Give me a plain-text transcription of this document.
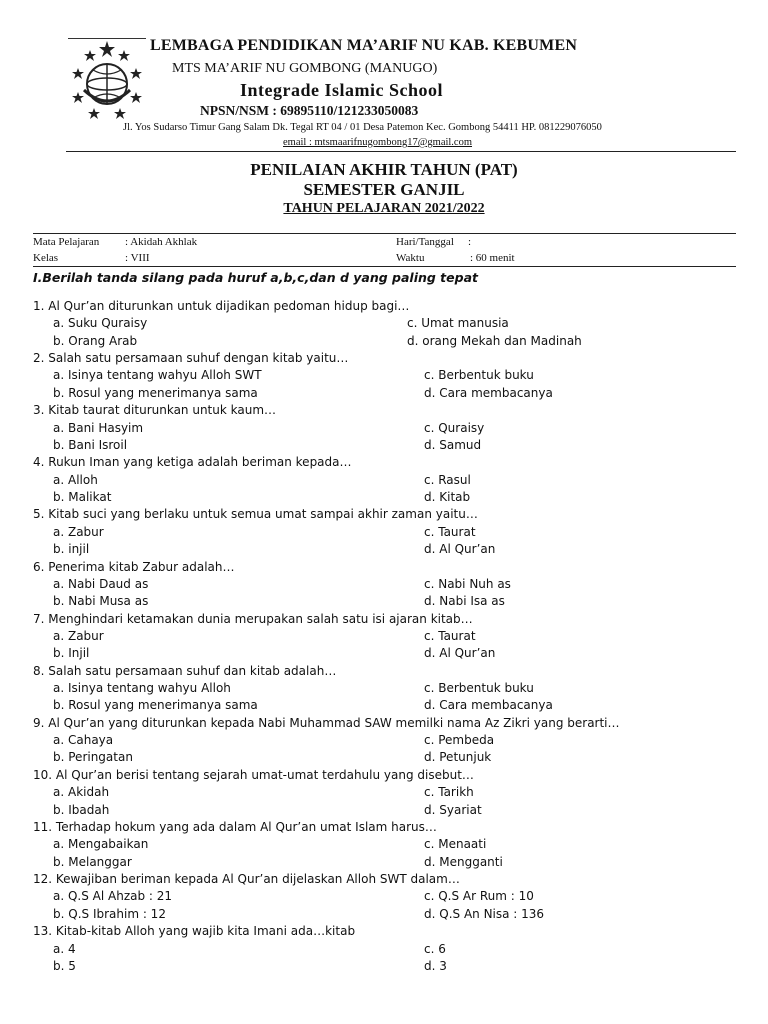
LEMBAGA PENDIDIKAN MA’ARIF NU KAB. KEBUMEN
MTS MA’ARIF NU GOMBONG (MANUGO)
Integrade Islamic School
NPSN/NSM : 69895110/121233050083
Jl. Yos Sudarso Timur Gang Salam Dk. Tegal RT 04 / 01 Desa Patemon Kec. Gombong 54411 HP. 081229076050
email : mtsmaarifnugombong17@gmail.com
PENILAIAN AKHIR TAHUN (PAT)
SEMESTER GANJIL
TAHUN PELAJARAN 2021/2022
Mata Pelajaran : Akidah Akhlak	Hari/Tanggal :
Kelas	: VIII	Waktu	: 60 menit
I.Berilah tanda silang pada huruf a,b,c,dan d yang paling tepat
1. Al Qur’an diturunkan untuk dijadikan pedoman hidup bagi…
a. Suku Quraisy	c. Umat manusia
b. Orang Arab	d. orang Mekah dan Madinah
2. Salah satu persamaan suhuf dengan kitab yaitu…
a. Isinya tentang wahyu Alloh SWT	c. Berbentuk buku
b. Rosul yang menerimanya sama	d. Cara membacanya
3. Kitab taurat diturunkan untuk kaum…
a. Bani Hasyim	c. Quraisy
b. Bani Isroil	d. Samud
4. Rukun Iman yang ketiga adalah beriman kepada…
a. Alloh	c. Rasul
b. Malikat	d. Kitab
5. Kitab suci yang berlaku untuk semua umat sampai akhir zaman yaitu…
a. Zabur	c. Taurat
b. injil	d. Al Qur’an
6. Penerima kitab Zabur adalah…
a. Nabi Daud as	c. Nabi Nuh as
b. Nabi Musa as	d. Nabi Isa as
7. Menghindari ketamakan dunia merupakan salah satu isi ajaran kitab…
a. Zabur	c. Taurat
b. Injil	d. Al Qur’an
8. Salah satu persamaan suhuf dan kitab adalah…
a. Isinya tentang wahyu Alloh	c. Berbentuk buku
b. Rosul yang menerimanya sama	d. Cara membacanya
9. Al Qur’an yang diturunkan kepada Nabi Muhammad SAW memilki nama Az Zikri yang berarti…
a. Cahaya	c. Pembeda
b. Peringatan	d. Petunjuk
10. Al Qur’an berisi tentang sejarah umat-umat terdahulu yang disebut…
a. Akidah	c. Tarikh
b. Ibadah	d. Syariat
11. Terhadap hokum yang ada dalam Al Qur’an umat Islam harus…
a. Mengabaikan	c. Menaati
b. Melanggar	d. Mengganti
12. Kewajiban beriman kepada Al Qur’an dijelaskan Alloh SWT dalam…
a. Q.S Al Ahzab : 21	c. Q.S Ar Rum : 10
b. Q.S Ibrahim : 12	d. Q.S An Nisa : 136
13. Kitab-kitab Alloh yang wajib kita Imani ada…kitab
a. 4	c. 6
b. 5	d. 3
